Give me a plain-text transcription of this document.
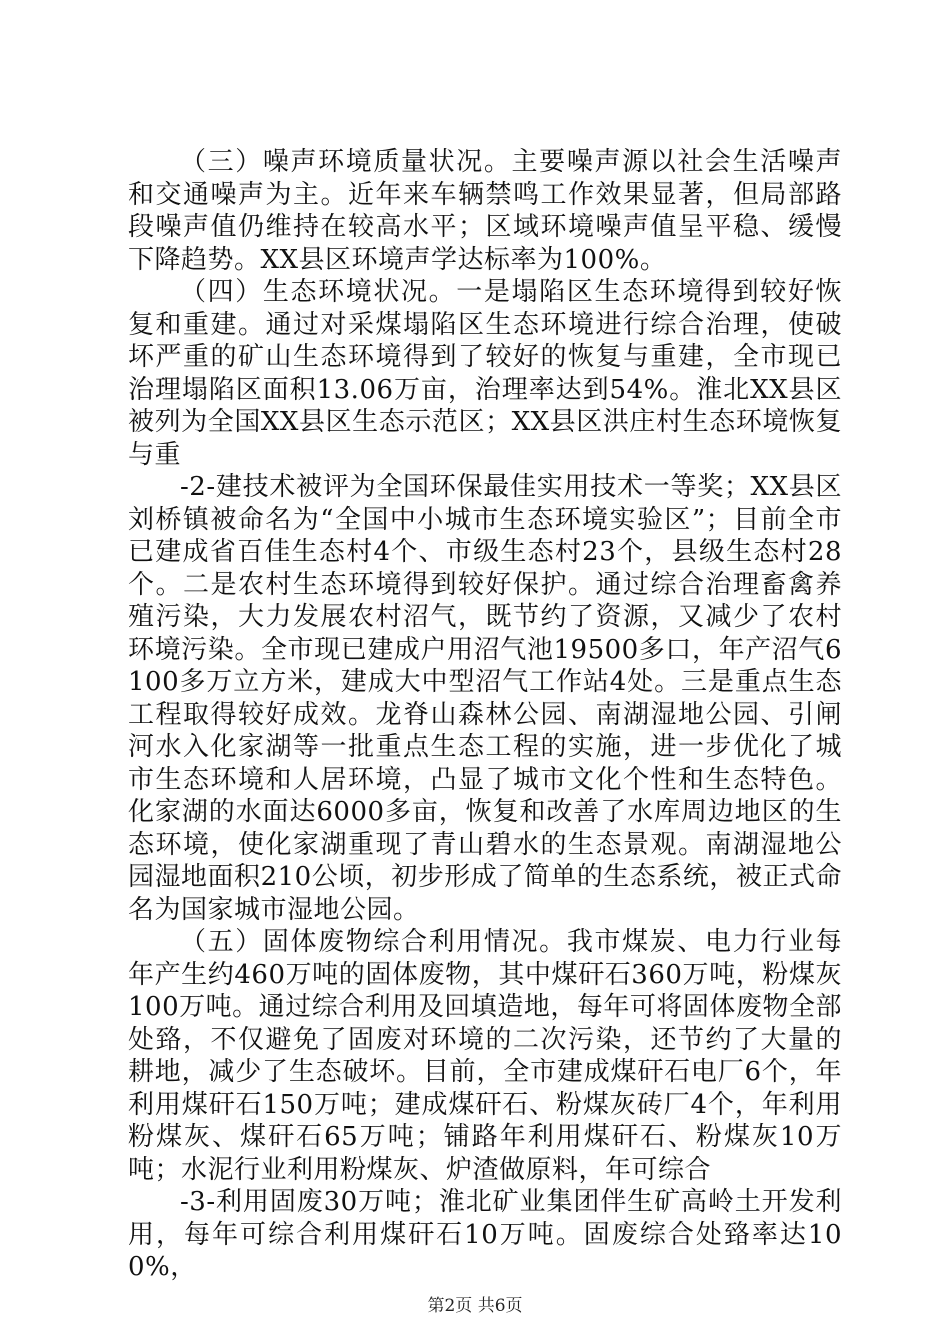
（三）噪声环境质量状况。主要噪声源以社会生活噪声和交通噪声为主。近年来车辆禁鸣工作效果显著，但局部路段噪声值仍维持在较高水平；区域环境噪声值呈平稳、缓慢下降趋势。XX县区环境声学达标率为100%。

（四）生态环境状况。一是塌陷区生态环境得到较好恢复和重建。通过对采煤塌陷区生态环境进行综合治理，使破坏严重的矿山生态环境得到了较好的恢复与重建，全市现已治理塌陷区面积13.06万亩，治理率达到54%。淮北XX县区被列为全国XX县区生态示范区；XX县区洪庄村生态环境恢复与重

-2-建技术被评为全国环保最佳实用技术一等奖；XX县区刘桥镇被命名为“全国中小城市生态环境实验区”；目前全市已建成省百佳生态村4个、市级生态村23个，县级生态村28个。二是农村生态环境得到较好保护。通过综合治理畜禽养殖污染，大力发展农村沼气，既节约了资源，又减少了农村环境污染。全市现已建成户用沼气池19500多口，年产沼气6100多万立方米，建成大中型沼气工作站4处。三是重点生态工程取得较好成效。龙脊山森林公园、南湖湿地公园、引闸河水入化家湖等一批重点生态工程的实施，进一步优化了城市生态环境和人居环境，凸显了城市文化个性和生态特色。化家湖的水面达6000多亩，恢复和改善了水库周边地区的生态环境，使化家湖重现了青山碧水的生态景观。南湖湿地公园湿地面积210公顷，初步形成了简单的生态系统，被正式命名为国家城市湿地公园。

（五）固体废物综合利用情况。我市煤炭、电力行业每年产生约460万吨的固体废物，其中煤矸石360万吨，粉煤灰100万吨。通过综合利用及回填造地，每年可将固体废物全部处臵，不仅避免了固废对环境的二次污染，还节约了大量的耕地，减少了生态破坏。目前，全市建成煤矸石电厂6个，年利用煤矸石150万吨；建成煤矸石、粉煤灰砖厂4个，年利用粉煤灰、煤矸石65万吨；铺路年利用煤矸石、粉煤灰10万吨；水泥行业利用粉煤灰、炉渣做原料，年可综合

-3-利用固废30万吨；淮北矿业集团伴生矿高岭土开发利用，每年可综合利用煤矸石10万吨。固废综合处臵率达100%，

第2页 共6页
